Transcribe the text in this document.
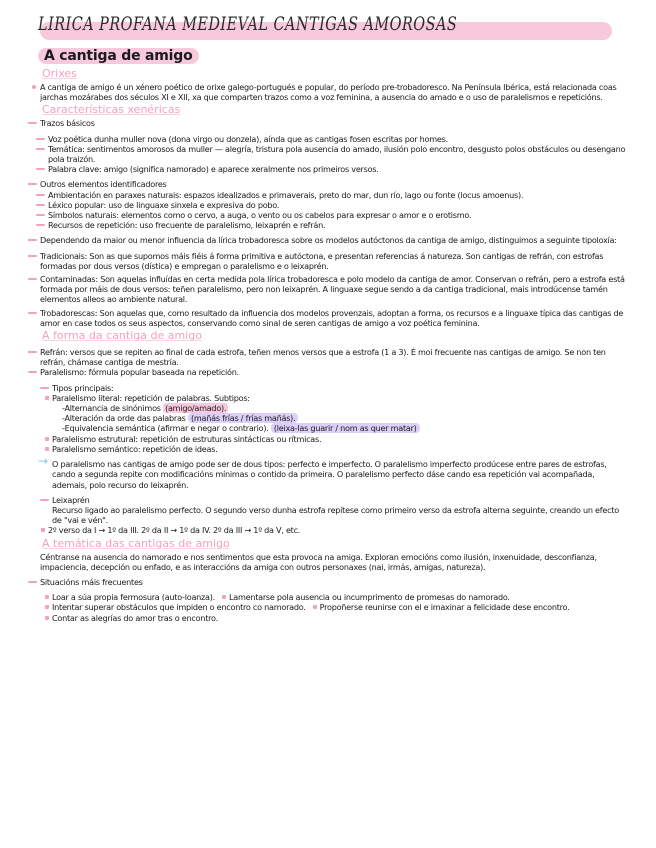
LIRICA PROFANA MEDIEVAL CANTIGAS AMOROSAS
A cantiga de amigo
Orixes
A cantiga de amigo é un xénero poético de orixe galego-portugués e popular, do período pre-trobadoresco. Na Península Ibérica, está relacionada coas jarchas mozárabes dos séculos XI e XII, xa que comparten trazos como a voz feminina, a ausencia do amado e o uso de paralelismos e repeticións.
Características xenéricas
Trazos básicos
Voz poética dunha muller nova (dona virgo ou donzela), aínda que as cantigas fosen escritas por homes.
Temática: sentimentos amorosos da muller — alegría, tristura pola ausencia do amado, ilusión polo encontro, desgusto polos obstáculos ou desengano pola traizón.
Palabra clave: amigo (significa namorado) e aparece xeralmente nos primeiros versos.
Outros elementos identificadores
Ambientación en paraxes naturais: espazos idealizados e primaverais, preto do mar, dun río, lago ou fonte (locus amoenus).
Léxico popular: uso de linguaxe sinxela e expresiva do pobo.
Símbolos naturais: elementos como o cervo, a auga, o vento ou os cabelos para expresar o amor e o erotismo.
Recursos de repetición: uso frecuente de paralelismo, leixaprén e refrán.
Dependendo da maior ou menor influencia da lírica trobadoresca sobre os modelos autóctonos da cantiga de amigo, distinguimos a seguinte tipoloxía:
Tradicionais: Son as que supomos máis fiéis á forma primitiva e autóctona, e presentan referencias á natureza. Son cantigas de refrán, con estrofas formadas por dous versos (dística) e empregan o paralelismo e o leixaprén.
Contaminadas: Son aquelas influídas en certa medida pola lírica trobadoresca e polo modelo da cantiga de amor. Conservan o refrán, pero a estrofa está formada por máis de dous versos: teñen paralelismo, pero non leixaprén. A linguaxe segue sendo a da cantiga tradicional, mais introdúcense tamén elementos alleos ao ambiente natural.
Trobadorescas: Son aquelas que, como resultado da influencia dos modelos provenzais, adoptan a forma, os recursos e a linguaxe típica das cantigas de amor en case todos os seus aspectos, conservando como sinal de seren cantigas de amigo a voz poética feminina.
A forma da cantiga de amigo
Refrán: versos que se repiten ao final de cada estrofa, teñen menos versos que a estrofa (1 a 3). É moi frecuente nas cantigas de amigo. Se non ten refrán, chámase cantiga de mestría.
Paralelismo: fórmula popular baseada na repetición.
Tipos principais:
Paralelismo literal: repetición de palabras. Subtipos:
-Alternancia de sinónimos (amigo/amado).
-Alteración da orde das palabras (mañás frías / frías mañás).
-Equivalencia semántica (afirmar e negar o contrario). (leixa-las guarir / nom as quer matar)
Paralelismo estrutural: repetición de estruturas sintácticas ou rítmicas.
Paralelismo semántico: repetición de ideas.
→ O paralelismo nas cantigas de amigo pode ser de dous tipos: perfecto e imperfecto. O paralelismo imperfecto prodúcese entre pares de estrofas, cando a segunda repite con modificacións mínimas o contido da primeira. O paralelismo perfecto dáse cando esa repetición vai acompañada, ademais, polo recurso do leixaprén.
Leixaprén
Recurso ligado ao paralelismo perfecto. O segundo verso dunha estrofa repítese como primeiro verso da estrofa alterna seguinte, creando un efecto de "vai e vén".
2º verso da I → 1º da III. 2º da II → 1º da IV. 2º da III → 1º da V, etc.
A temática das cantigas de amigo
Céntranse na ausencia do namorado e nos sentimentos que esta provoca na amiga. Exploran emocións como ilusión, inxenuidade, desconfianza, impaciencia, decepción ou enfado, e as interaccións da amiga con outros personaxes (nai, irmás, amigas, natureza).
Situacións máis frecuentes
Loar a súa propia fermosura (auto-loanza). Lamentarse pola ausencia ou incumprimento de promesas do namorado.
Intentar superar obstáculos que impiden o encontro co namorado. Propoñerse reunirse con el e imaxinar a felicidade dese encontro.
Contar as alegrías do amor tras o encontro.
